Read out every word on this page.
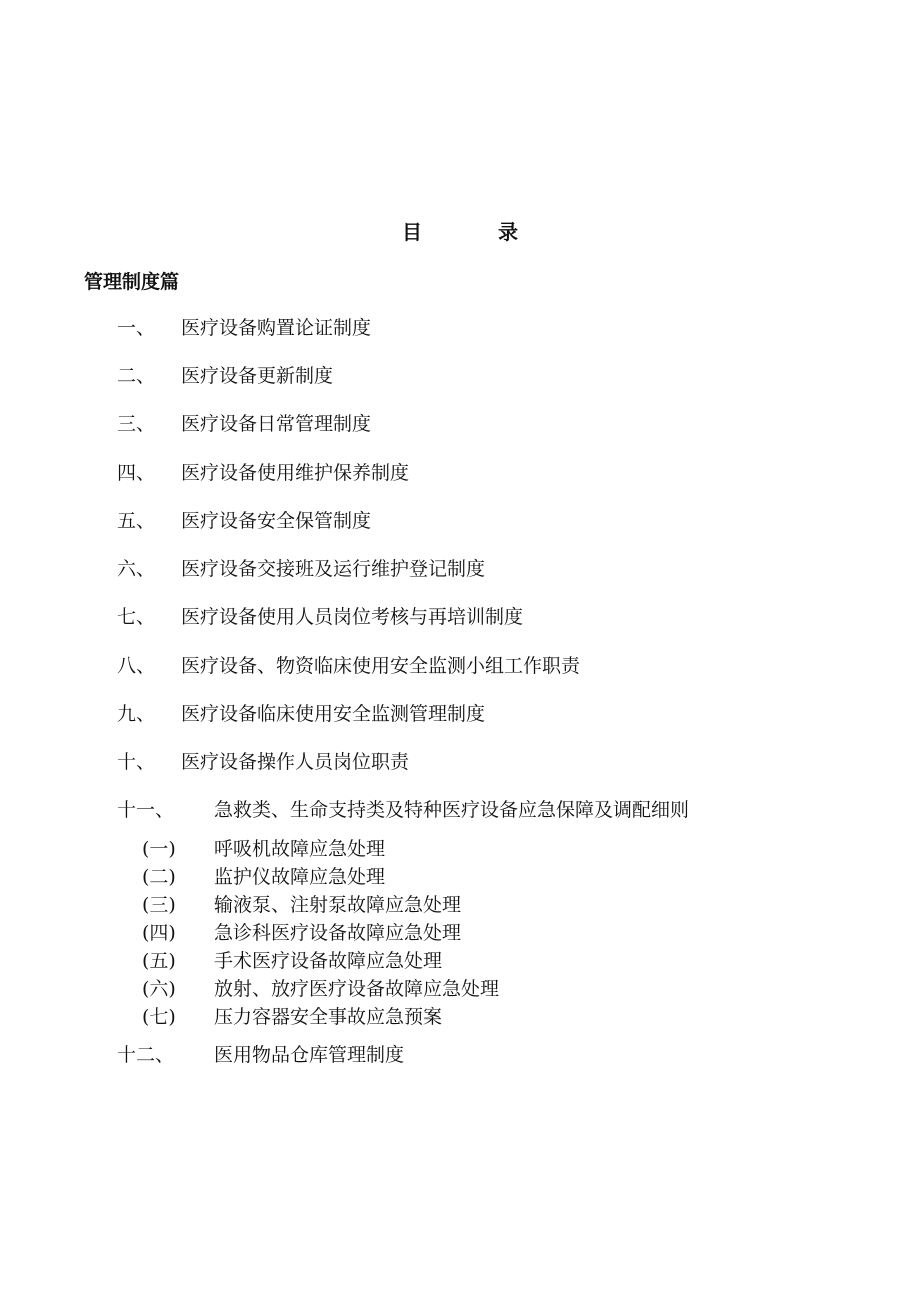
目	录
管理制度篇
一、 医疗设备购置论证制度
二、 医疗设备更新制度
三、 医疗设备日常管理制度
四、 医疗设备使用维护保养制度
五、 医疗设备安全保管制度
六、 医疗设备交接班及运行维护登记制度
七、 医疗设备使用人员岗位考核与再培训制度
八、 医疗设备、物资临床使用安全监测小组工作职责
九、 医疗设备临床使用安全监测管理制度
十、 医疗设备操作人员岗位职责
十一、 急救类、生命支持类及特种医疗设备应急保障及调配细则
十二、 医用物品仓库管理制度
(一) 呼吸机故障应急处理
(二) 监护仪故障应急处理
(三) 输液泵、注射泵故障应急处理
(四) 急诊科医疗设备故障应急处理
(五) 手术医疗设备故障应急处理
(六) 放射、放疗医疗设备故障应急处理
(七) 压力容器安全事故应急预案
